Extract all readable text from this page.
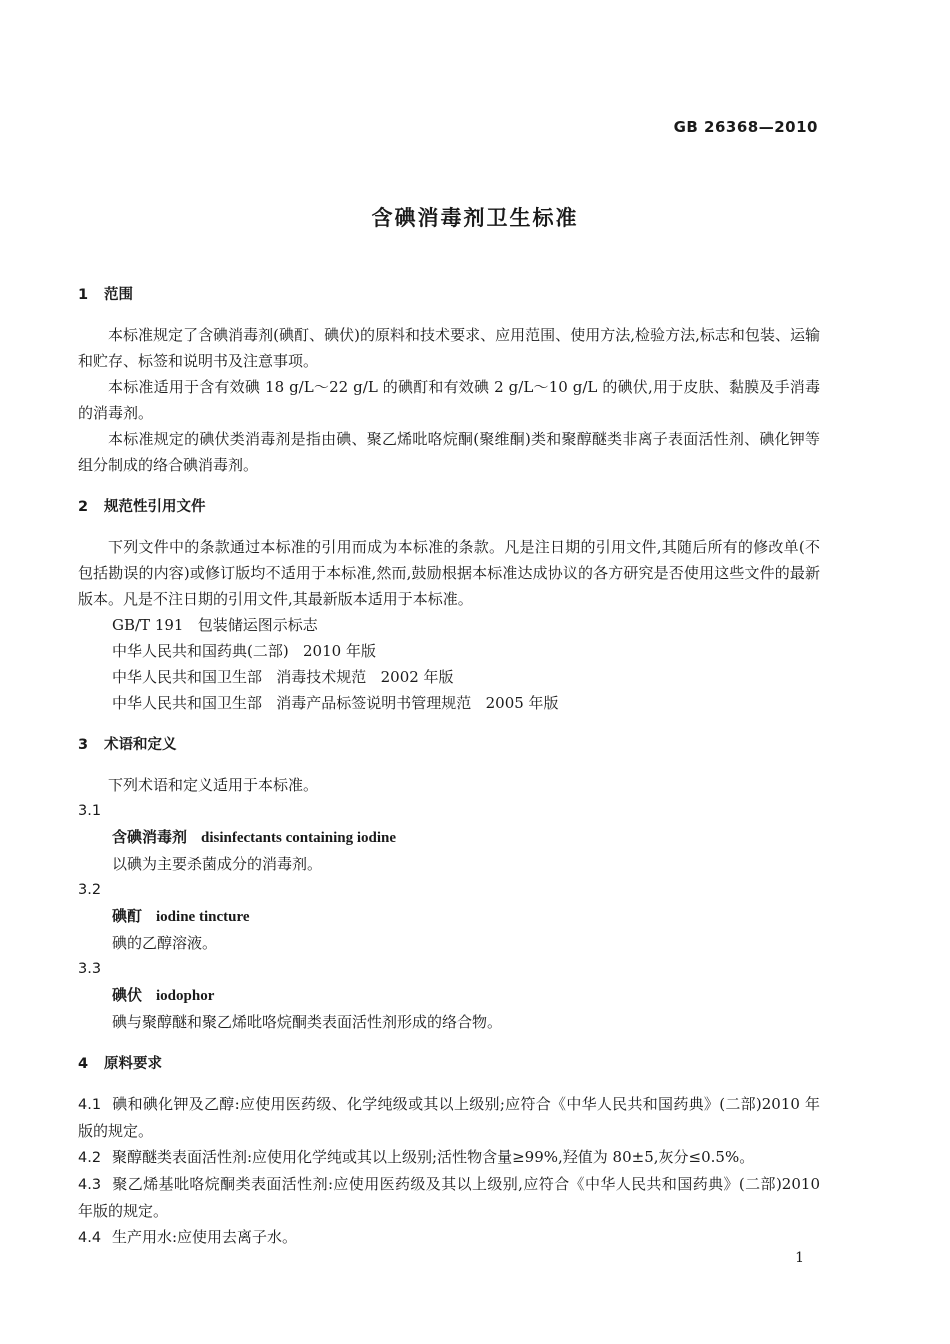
GB 26368—2010
含碘消毒剂卫生标准
1 范围

本标准规定了含碘消毒剂(碘酊、碘伏)的原料和技术要求、应用范围、使用方法,检验方法,标志和包装、运输和贮存、标签和说明书及注意事项。

本标准适用于含有效碘 18 g/L～22 g/L 的碘酊和有效碘 2 g/L～10 g/L 的碘伏,用于皮肤、黏膜及手消毒的消毒剂。

本标准规定的碘伏类消毒剂是指由碘、聚乙烯吡咯烷酮(聚维酮)类和聚醇醚类非离子表面活性剂、碘化钾等组分制成的络合碘消毒剂。

2 规范性引用文件

下列文件中的条款通过本标准的引用而成为本标准的条款。凡是注日期的引用文件,其随后所有的修改单(不包括勘误的内容)或修订版均不适用于本标准,然而,鼓励根据本标准达成协议的各方研究是否使用这些文件的最新版本。凡是不注日期的引用文件,其最新版本适用于本标准。

GB/T 191   包装储运图示标志

中华人民共和国药典(二部)   2010 年版

中华人民共和国卫生部   消毒技术规范   2002 年版

中华人民共和国卫生部   消毒产品标签说明书管理规范   2005 年版

3 术语和定义

下列术语和定义适用于本标准。

3.1

含碘消毒剂 disinfectants containing iodine

以碘为主要杀菌成分的消毒剂。

3.2

碘酊 iodine tincture

碘的乙醇溶液。

3.3

碘伏 iodophor

碘与聚醇醚和聚乙烯吡咯烷酮类表面活性剂形成的络合物。

4 原料要求

4.1 碘和碘化钾及乙醇:应使用医药级、化学纯级或其以上级别;应符合《中华人民共和国药典》(二部)2010 年版的规定。

4.2 聚醇醚类表面活性剂:应使用化学纯或其以上级别;活性物含量≥99%,羟值为 80±5,灰分≤0.5%。

4.3 聚乙烯基吡咯烷酮类表面活性剂:应使用医药级及其以上级别,应符合《中华人民共和国药典》(二部)2010 年版的规定。

4.4 生产用水:应使用去离子水。

1
